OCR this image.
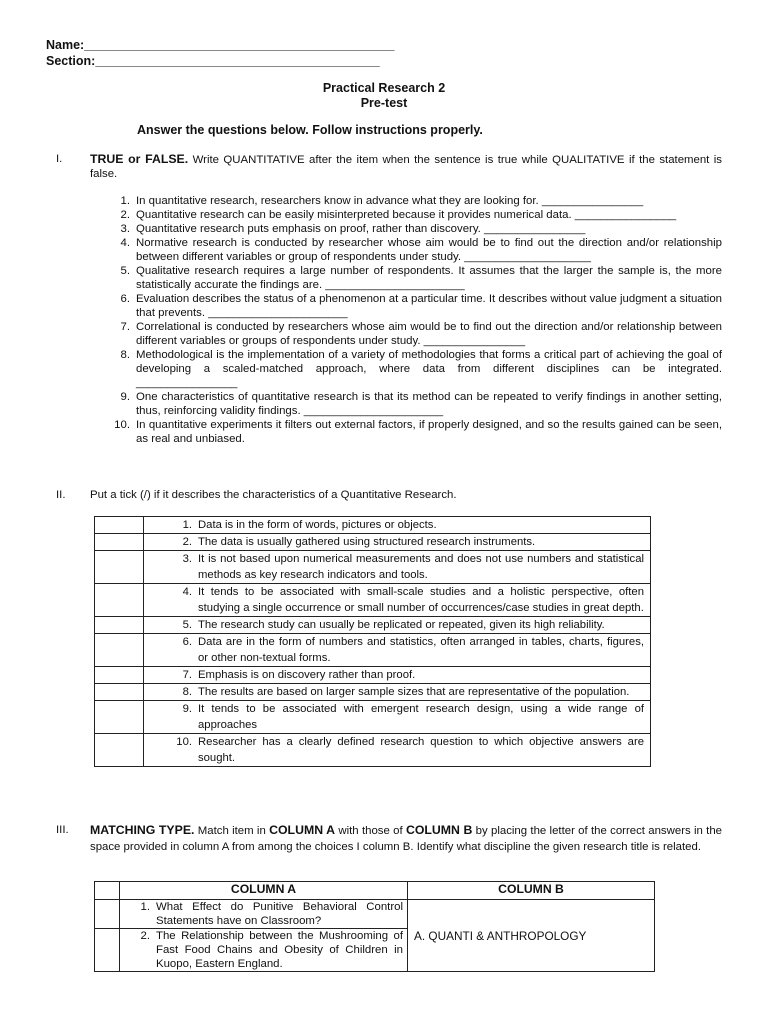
Name:________________________________________________
Section:____________________________________________
Practical Research 2
Pre-test
Answer the questions below. Follow instructions properly.
I.	TRUE or FALSE. Write QUANTITATIVE after the item when the sentence is true while QUALITATIVE if the statement is false.
1. In quantitative research, researchers know in advance what they are looking for. ________________
2. Quantitative research can be easily misinterpreted because it provides numerical data. ________________
3. Quantitative research puts emphasis on proof, rather than discovery. ________________
4. Normative research is conducted by researcher whose aim would be to find out the direction and/or relationship between different variables or group of respondents under study. ____________________
5. Qualitative research requires a large number of respondents. It assumes that the larger the sample is, the more statistically accurate the findings are. ______________________
6. Evaluation describes the status of a phenomenon at a particular time. It describes without value judgment a situation that prevents. ______________________
7. Correlational is conducted by researchers whose aim would be to find out the direction and/or relationship between different variables or groups of respondents under study. ________________
8. Methodological is the implementation of a variety of methodologies that forms a critical part of achieving the goal of developing a scaled-matched approach, where data from different disciplines can be integrated. ________________
9. One characteristics of quantitative research is that its method can be repeated to verify findings in another setting, thus, reinforcing validity findings. ______________________
10. In quantitative experiments it filters out external factors, if properly designed, and so the results gained can be seen, as real and unbiased.
II.	Put a tick (/) if it describes the characteristics of a Quantitative Research.

	1. Data is in the form of words, pictures or objects.

	2. The data is usually gathered using structured research instruments.

	3. It is not based upon numerical measurements and does not use numbers and statistical methods as key research indicators and tools.

	4. It tends to be associated with small-scale studies and a holistic perspective, often studying a single occurrence or small number of occurrences/case studies in great depth.

	5. The research study can usually be replicated or repeated, given its high reliability.

	6. Data are in the form of numbers and statistics, often arranged in tables, charts, figures, or other non-textual forms.

	7. Emphasis is on discovery rather than proof.

	8. The results are based on larger sample sizes that are representative of the population.

	9. It tends to be associated with emergent research design, using a wide range of approaches

	10. Researcher has a clearly defined research question to which objective answers are sought.
III.	MATCHING TYPE. Match item in COLUMN A with those of COLUMN B by placing the letter of the correct answers in the space provided in column A from among the choices I column B. Identify what discipline the given research title is related.
	COLUMN A	COLUMN B

	1. What Effect do Punitive Behavioral Control Statements have on Classroom?	A. QUANTI & ANTHROPOLOGY

	2. The Relationship between the Mushrooming of Fast Food Chains and Obesity of Children in Kuopo, Eastern England.	
